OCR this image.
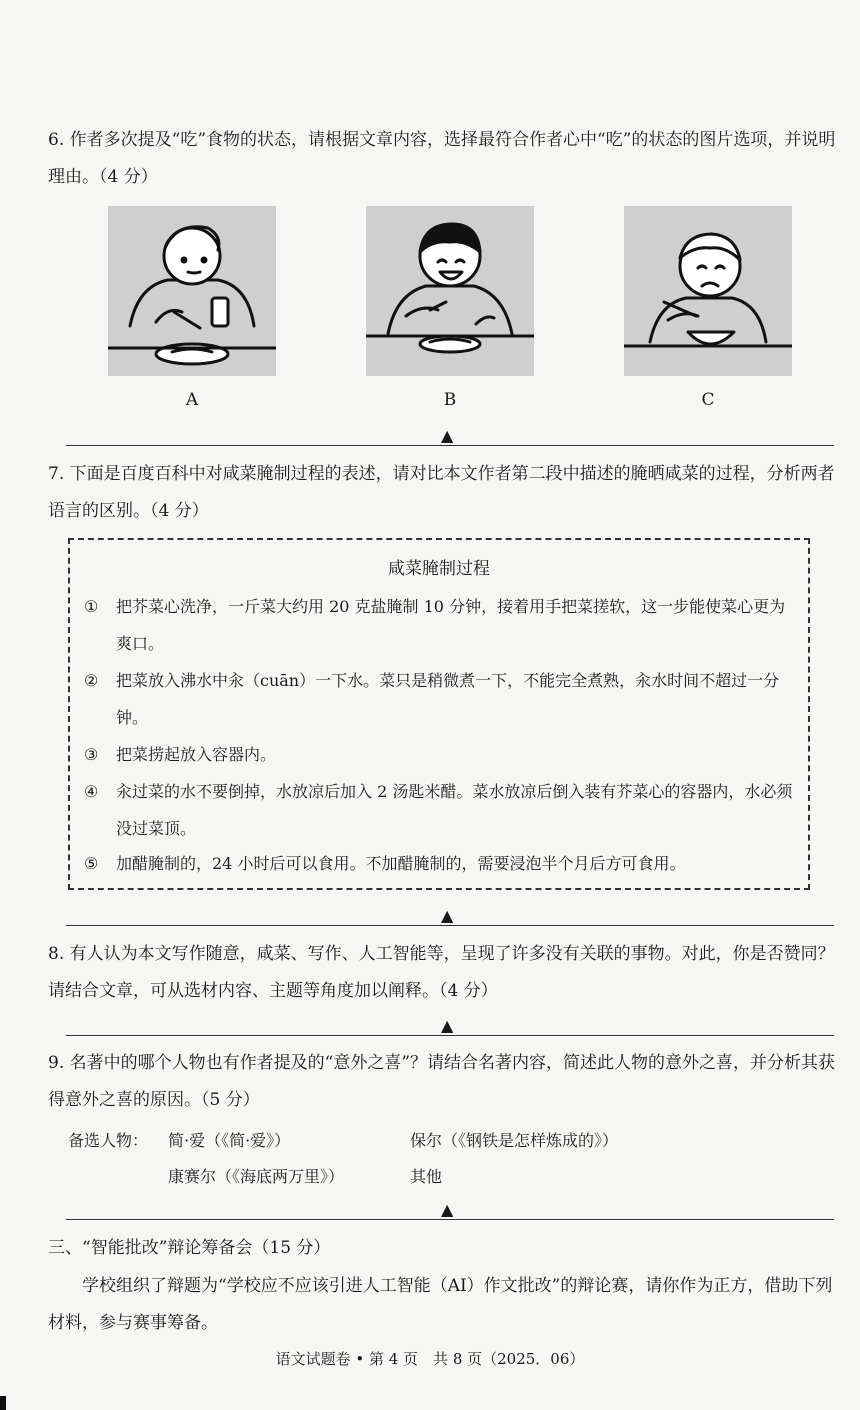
6. 作者多次提及“吃”食物的状态，请根据文章内容，选择最符合作者心中“吃”的状态的图片选项，并说明理由。（4 分）

A	B	C
▲

7. 下面是百度百科中对咸菜腌制过程的表述，请对比本文作者第二段中描述的腌晒咸菜的过程，分析两者语言的区别。（4 分）

咸菜腌制过程
①	把芥菜心洗净，一斤菜大约用 20 克盐腌制 10 分钟，接着用手把菜搓软，这一步能使菜心更为爽口。
②	把菜放入沸水中汆（cuān）一下水。菜只是稍微煮一下，不能完全煮熟，汆水时间不超过一分钟。
③	把菜捞起放入容器内。
④	汆过菜的水不要倒掉，水放凉后加入 2 汤匙米醋。菜水放凉后倒入装有芥菜心的容器内，水必须没过菜顶。
⑤	加醋腌制的，24 小时后可以食用。不加醋腌制的，需要浸泡半个月后方可食用。
▲

8. 有人认为本文写作随意，咸菜、写作、人工智能等，呈现了许多没有关联的事物。对此，你是否赞同？请结合文章，可从选材内容、主题等角度加以阐释。（4 分）

▲

9. 名著中的哪个人物也有作者提及的“意外之喜”？请结合名著内容，简述此人物的意外之喜，并分析其获得意外之喜的原因。（5 分）

备选人物： 简·爱（《简·爱》）	保尔（《钢铁是怎样炼成的》）
康赛尔（《海底两万里》）	其他
▲

三、“智能批改”辩论筹备会（15 分）

学校组织了辩题为“学校应不应该引进人工智能（AI）作文批改”的辩论赛，请你作为正方，借助下列材料，参与赛事筹备。

语文试题卷 • 第 4 页　共 8 页（2025．06）
